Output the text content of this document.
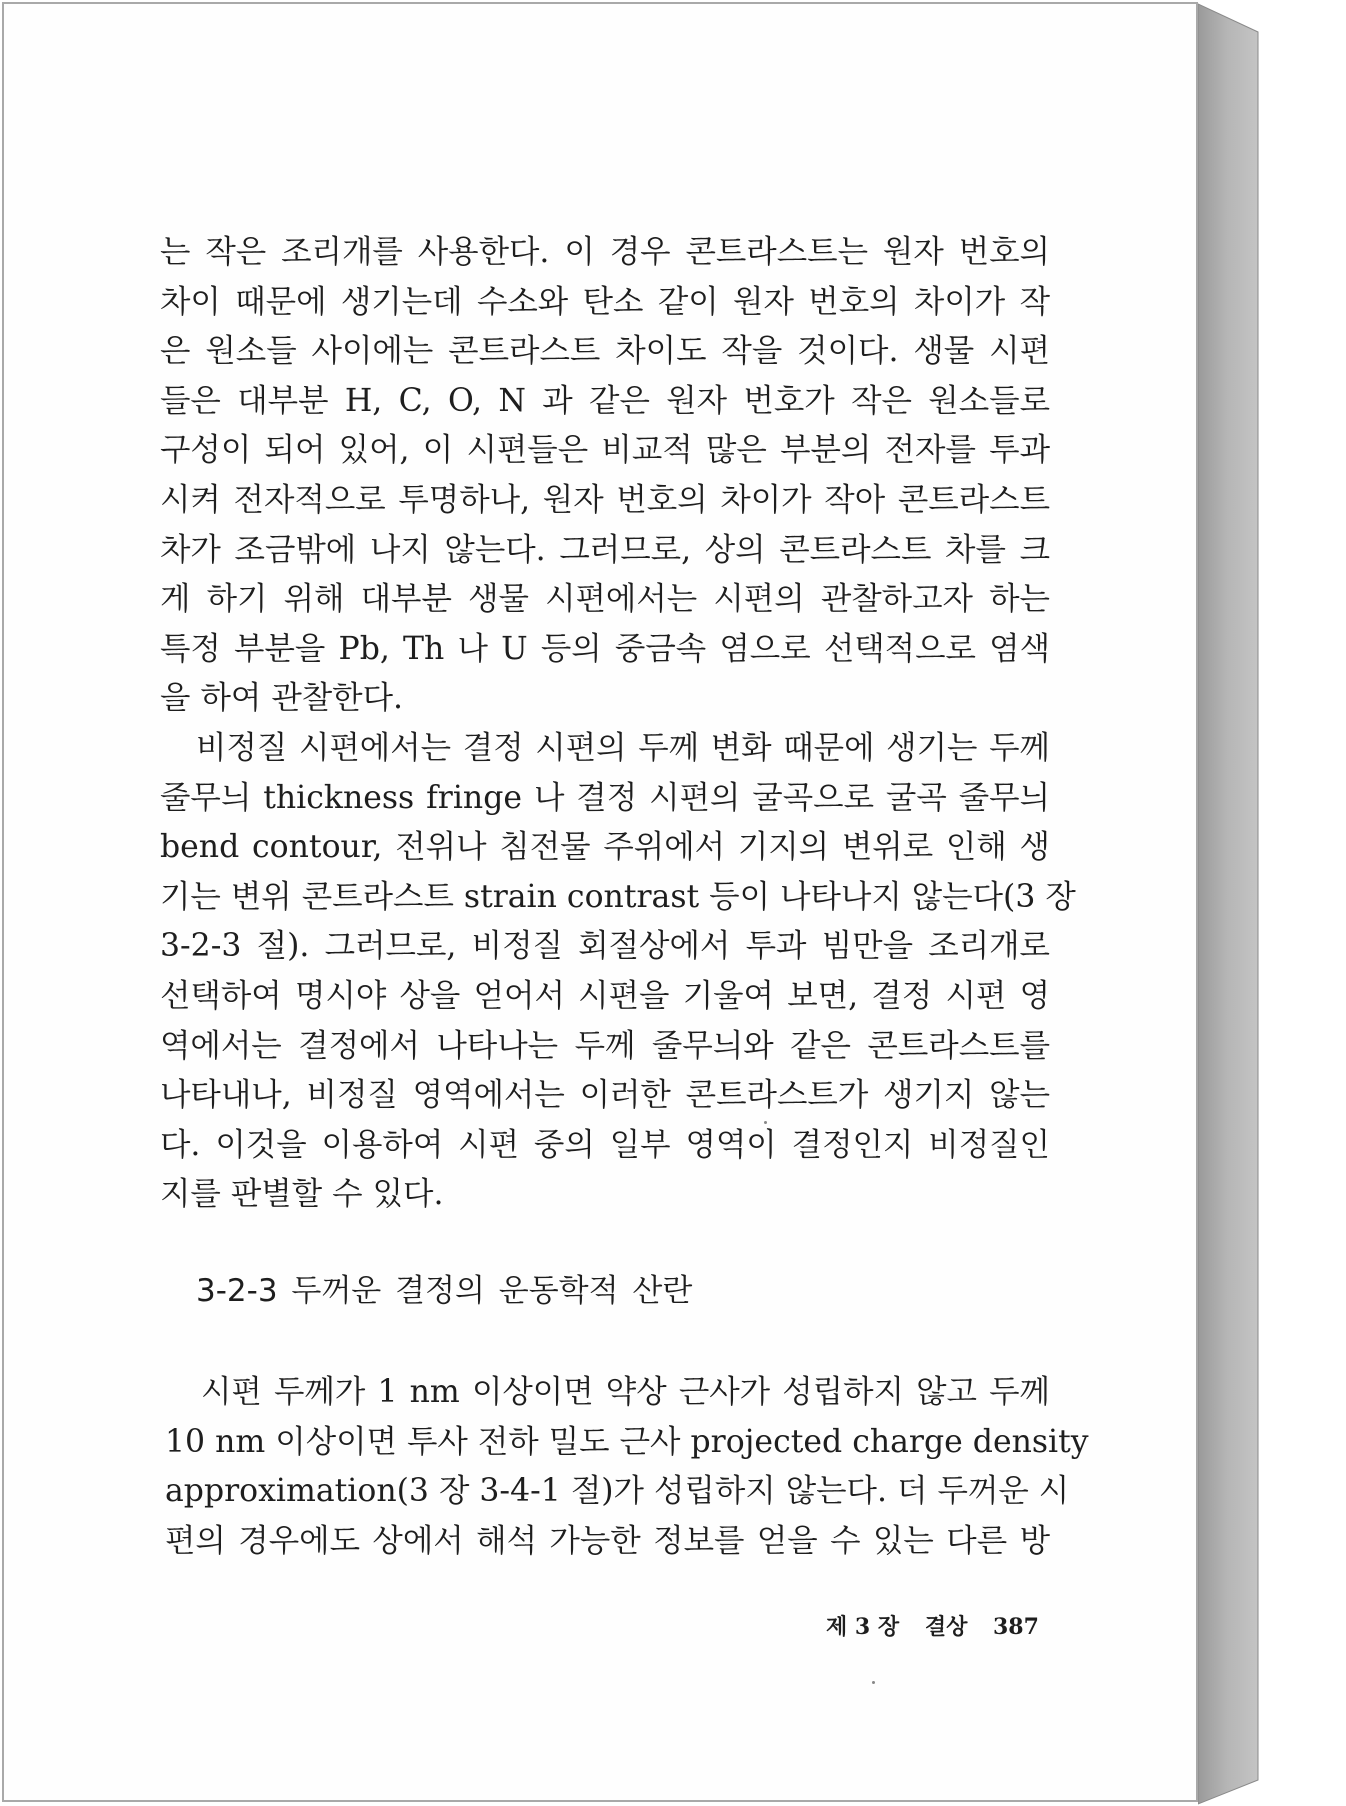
는 작은 조리개를 사용한다. 이 경우 콘트라스트는 원자 번호의
차이 때문에 생기는데 수소와 탄소 같이 원자 번호의 차이가 작
은 원소들 사이에는 콘트라스트 차이도 작을 것이다. 생물 시편
들은 대부분 H, C, O, N 과 같은 원자 번호가 작은 원소들로
구성이 되어 있어, 이 시편들은 비교적 많은 부분의 전자를 투과
시켜 전자적으로 투명하나, 원자 번호의 차이가 작아 콘트라스트
차가 조금밖에 나지 않는다. 그러므로, 상의 콘트라스트 차를 크
게 하기 위해 대부분 생물 시편에서는 시편의 관찰하고자 하는
특정 부분을 Pb, Th 나 U 등의 중금속 염으로 선택적으로 염색
을 하여 관찰한다.
비정질 시편에서는 결정 시편의 두께 변화 때문에 생기는 두께
줄무늬 thickness fringe 나 결정 시편의 굴곡으로 굴곡 줄무늬
bend contour, 전위나 침전물 주위에서 기지의 변위로 인해 생
기는 변위 콘트라스트 strain contrast 등이 나타나지 않는다(3 장
3-2-3 절). 그러므로, 비정질 회절상에서 투과 빔만을 조리개로
선택하여 명시야 상을 얻어서 시편을 기울여 보면, 결정 시편 영
역에서는 결정에서 나타나는 두께 줄무늬와 같은 콘트라스트를
나타내나, 비정질 영역에서는 이러한 콘트라스트가 생기지 않는
다. 이것을 이용하여 시편 중의 일부 영역이 결정인지 비정질인
지를 판별할 수 있다.
3-2-3 두꺼운 결정의 운동학적 산란
시편 두께가 1 nm 이상이면 약상 근사가 성립하지 않고 두께
10 nm 이상이면 투사 전하 밀도 근사 projected charge density
approximation(3 장 3-4-1 절)가 성립하지 않는다. 더 두꺼운 시
편의 경우에도 상에서 해석 가능한 정보를 얻을 수 있는 다른 방
제 3 장 결상 387
